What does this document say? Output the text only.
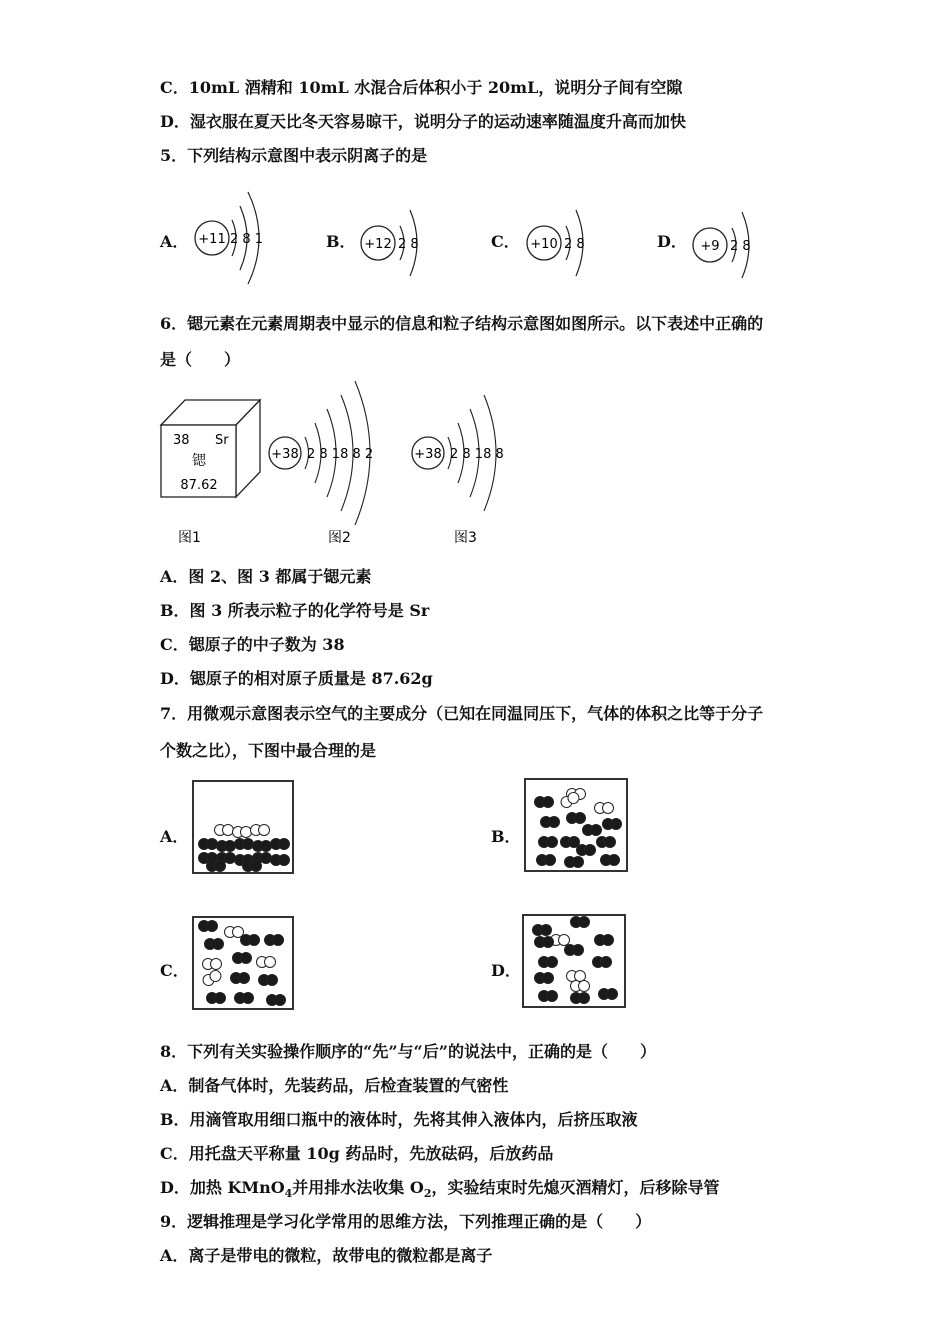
C．10mL 酒精和 10mL 水混合后体积小于 20mL，说明分子间有空隙
D．湿衣服在夏天比冬天容易晾干，说明分子的运动速率随温度升高而加快
5．下列结构示意图中表示阴离子的是
A． +11 2 8 1	B． +12 2 8	C． +10 2 8	D． +9 2 8
6．锶元素在元素周期表中显示的信息和粒子结构示意图如图所示。以下表述中正确的
是（　　）
38 Sr
锶
87.62
+38 2 8 18 8 2	+38 2 8 18 8
图1	图2	图3
A．图 2、图 3 都属于锶元素
B．图 3 所表示粒子的化学符号是 Sr
C．锶原子的中子数为 38
D．锶原子的相对原子质量是 87.62g
7．用微观示意图表示空气的主要成分（已知在同温同压下，气体的体积之比等于分子
个数之比），下图中最合理的是
A．	B．
C．	D．
8．下列有关实验操作顺序的“先”与“后”的说法中，正确的是（　　）
A．制备气体时，先装药品，后检查装置的气密性
B．用滴管取用细口瓶中的液体时，先将其伸入液体内，后挤压取液
C．用托盘天平称量 10g 药品时，先放砝码，后放药品
D．加热 KMnO$_4$并用排水法收集 $O_2$，实验结束时先熄灭酒精灯，后移除导管
9．逻辑推理是学习化学常用的思维方法，下列推理正确的是（　　）
A．离子是带电的微粒，故带电的微粒都是离子
